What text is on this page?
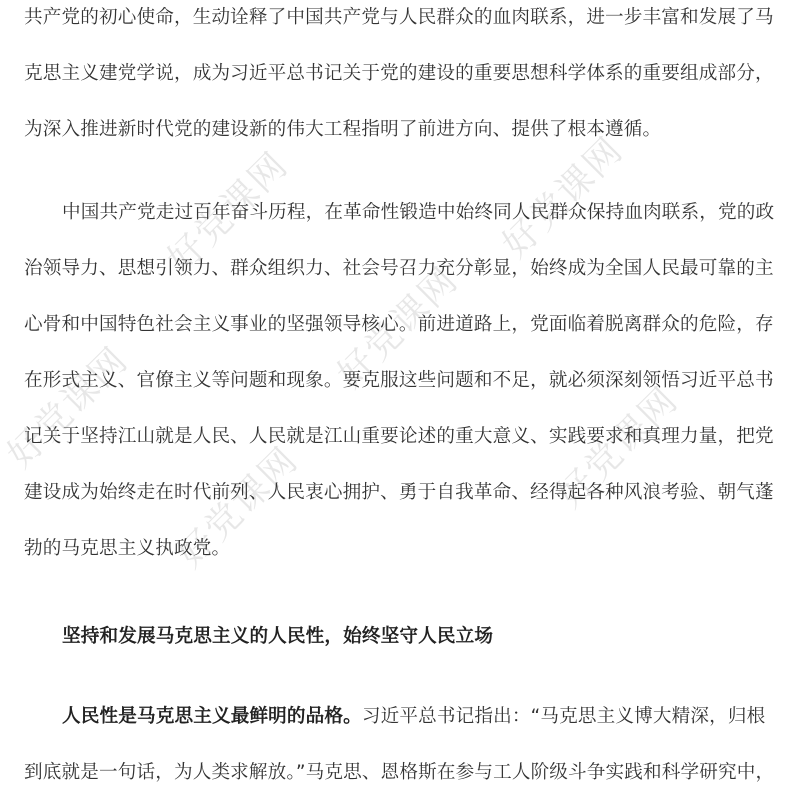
好党课网	好党课网
好党课网
好党课网	好党课网
好党课网
共产党的初心使命，生动诠释了中国共产党与人民群众的血肉联系，进一步丰富和发展了马
克思主义建党学说，成为习近平总书记关于党的建设的重要思想科学体系的重要组成部分，
为深入推进新时代党的建设新的伟大工程指明了前进方向、提供了根本遵循。
中国共产党走过百年奋斗历程，在革命性锻造中始终同人民群众保持血肉联系，党的政
治领导力、思想引领力、群众组织力、社会号召力充分彰显，始终成为全国人民最可靠的主
心骨和中国特色社会主义事业的坚强领导核心。前进道路上，党面临着脱离群众的危险，存
在形式主义、官僚主义等问题和现象。要克服这些问题和不足，就必须深刻领悟习近平总书
记关于坚持江山就是人民、人民就是江山重要论述的重大意义、实践要求和真理力量，把党
建设成为始终走在时代前列、人民衷心拥护、勇于自我革命、经得起各种风浪考验、朝气蓬
勃的马克思主义执政党。
坚持和发展马克思主义的人民性，始终坚守人民立场
人民性是马克思主义最鲜明的品格。习近平总书记指出：“马克思主义博大精深，归根
到底就是一句话，为人类求解放。”马克思、恩格斯在参与工人阶级斗争实践和科学研究中，
